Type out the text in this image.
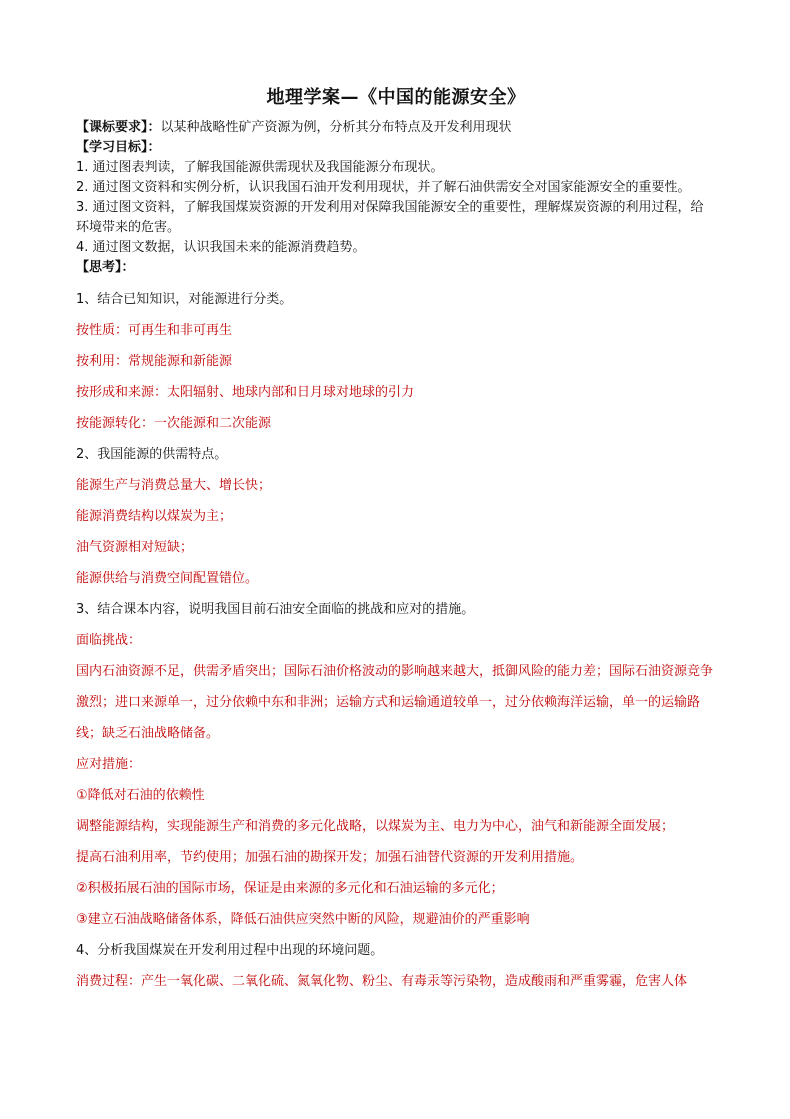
地理学案—《中国的能源安全》

【课标要求】：以某种战略性矿产资源为例，分析其分布特点及开发利用现状

【学习目标】：

1. 通过图表判读，了解我国能源供需现状及我国能源分布现状。

2. 通过图文资料和实例分析，认识我国石油开发利用现状，并了解石油供需安全对国家能源安全的重要性。

3. 通过图文资料，了解我国煤炭资源的开发利用对保障我国能源安全的重要性，理解煤炭资源的利用过程，给环境带来的危害。

4. 通过图文数据，认识我国未来的能源消费趋势。

【思考】：

1、结合已知知识，对能源进行分类。

按性质：可再生和非可再生

按利用：常规能源和新能源

按形成和来源：太阳辐射、地球内部和日月球对地球的引力

按能源转化：一次能源和二次能源

2、我国能源的供需特点。

能源生产与消费总量大、增长快；

能源消费结构以煤炭为主；

油气资源相对短缺；

能源供给与消费空间配置错位。

3、结合课本内容，说明我国目前石油安全面临的挑战和应对的措施。

面临挑战：

国内石油资源不足，供需矛盾突出；国际石油价格波动的影响越来越大，抵御风险的能力差；国际石油资源竞争激烈；进口来源单一，过分依赖中东和非洲；运输方式和运输通道较单一，过分依赖海洋运输，单一的运输路线；缺乏石油战略储备。

应对措施：

①降低对石油的依赖性

调整能源结构，实现能源生产和消费的多元化战略，以煤炭为主、电力为中心，油气和新能源全面发展；

提高石油利用率，节约使用；加强石油的勘探开发；加强石油替代资源的开发利用措施。

②积极拓展石油的国际市场，保证是由来源的多元化和石油运输的多元化；

③建立石油战略储备体系，降低石油供应突然中断的风险，规避油价的严重影响

4、分析我国煤炭在开发利用过程中出现的环境问题。

消费过程：产生一氧化碳、二氧化硫、氮氧化物、粉尘、有毒汞等污染物，造成酸雨和严重雾霾，危害人体
